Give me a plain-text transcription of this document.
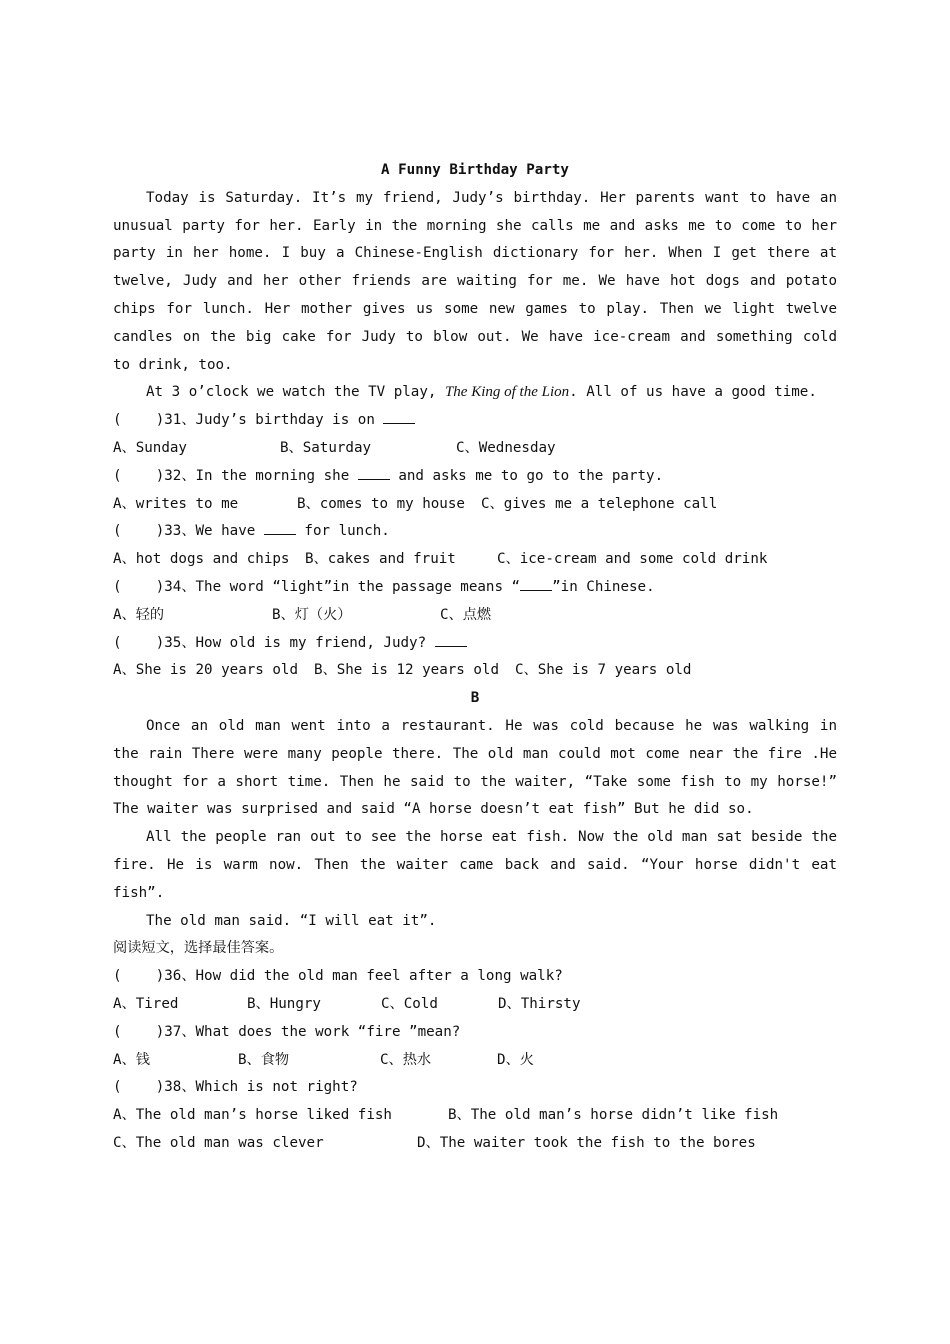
A Funny Birthday Party
Today is Saturday. It’s my friend, Judy’s birthday. Her parents want to have an unusual party for her. Early in the morning she calls me and asks me to come to her party in her home. I buy a Chinese-English dictionary for her. When I get there at twelve, Judy and her other friends are waiting for me. We have hot dogs and potato chips for lunch. Her mother gives us some new games to play. Then we light twelve candles on the big cake for Judy to blow out. We have ice-cream and something cold to drink, too.
At 3 o’clock we watch the TV play, The King of the Lion. All of us have a good time.
(    )31、Judy’s birthday is on
A、Sunday	B、Saturday	C、Wednesday
(    )32、In the morning she  and asks me to go to the party.
A、writes to me	B、comes to my house	C、gives me a telephone call
(    )33、We have  for lunch.
A、hot dogs and chips	B、cakes and fruit	C、ice-cream and some cold drink
(    )34、The word “light”in the passage means “ ”in Chinese.
A、轻的	B、灯（火）	C、点燃
(    )35、How old is my friend, Judy?
A、She is 20 years old	B、She is 12 years old	C、She is 7 years old
B
Once an old man went into a restaurant. He was cold because he was walking in the rain There were many people there. The old man could mot come near the fire .He thought for a short time. Then he said to the waiter, “Take some fish to my horse!” The waiter was surprised and said “A horse doesn’t eat fish” But he did so.
All the people ran out to see the horse eat fish. Now the old man sat beside the fire. He is warm now. Then the waiter came back and said. “Your horse didn't eat fish”.
The old man said. “I will eat it”.
阅读短文，选择最佳答案。
(    )36、How did the old man feel after a long walk?
A、Tired	B、Hungry	C、Cold	D、Thirsty
(    )37、What does the work “fire ”mean?
A、钱	B、食物	C、热水	D、火
(    )38、Which is not right?
A、The old man’s horse liked fish	B、The old man’s horse didn’t like fish
C、The old man was clever	D、The waiter took the fish to the bores
